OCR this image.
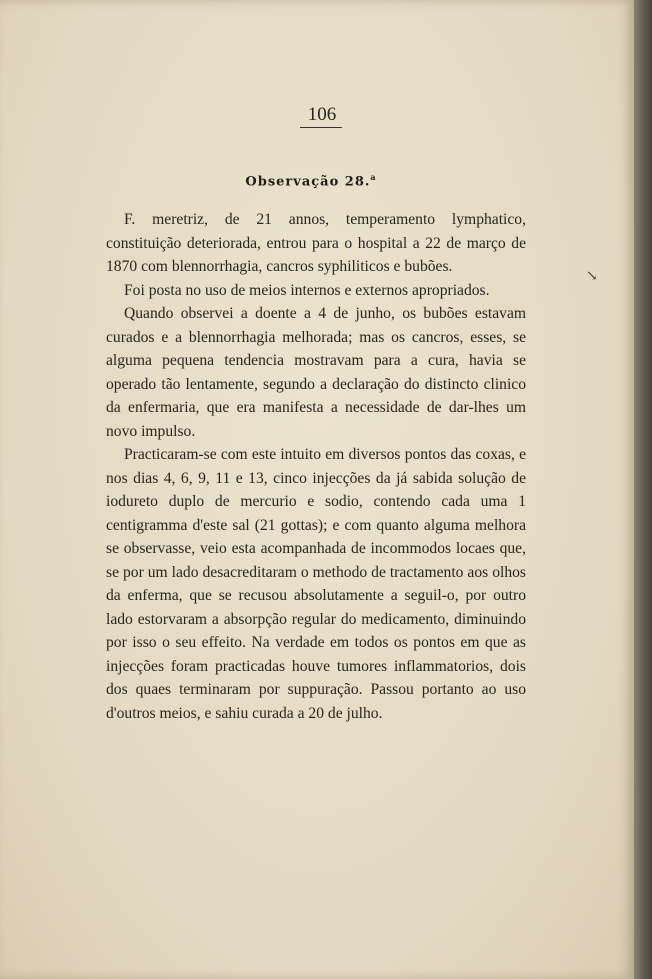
106
Observação 28.$^a$

F. meretriz, de 21 annos, temperamento lymphatico, constituição deteriorada, entrou para o hospital a 22 de março de 1870 com blennorrhagia, cancros syphiliticos e bubões.

Foi posta no uso de meios internos e externos apropriados.

Quando observei a doente a 4 de junho, os bubões estavam curados e a blennorrhagia melhorada; mas os cancros, esses, se alguma pequena tendencia mostravam para a cura, havia se operado tão lentamente, segundo a declaração do distincto clinico da enfermaria, que era manifesta a necessidade de dar-lhes um novo impulso.

Practicaram-se com este intuito em diversos pontos das coxas, e nos dias 4, 6, 9, 11 e 13, cinco injecções da já sabida solução de iodureto duplo de mercurio e sodio, contendo cada uma 1 centigramma d'este sal (21 gottas); e com quanto alguma melhora se observasse, veio esta acompanhada de incommodos locaes que, se por um lado desacreditaram o methodo de tractamento aos olhos da enferma, que se recusou absolutamente a seguil-o, por outro lado estorvaram a absorpção regular do medicamento, diminuindo por isso o seu effeito. Na verdade em todos os pontos em que as injecções foram practicadas houve tumores inflammatorios, dois dos quaes terminaram por suppuração. Passou portanto ao uso d'outros meios, e sahiu curada a 20 de julho.

↘
